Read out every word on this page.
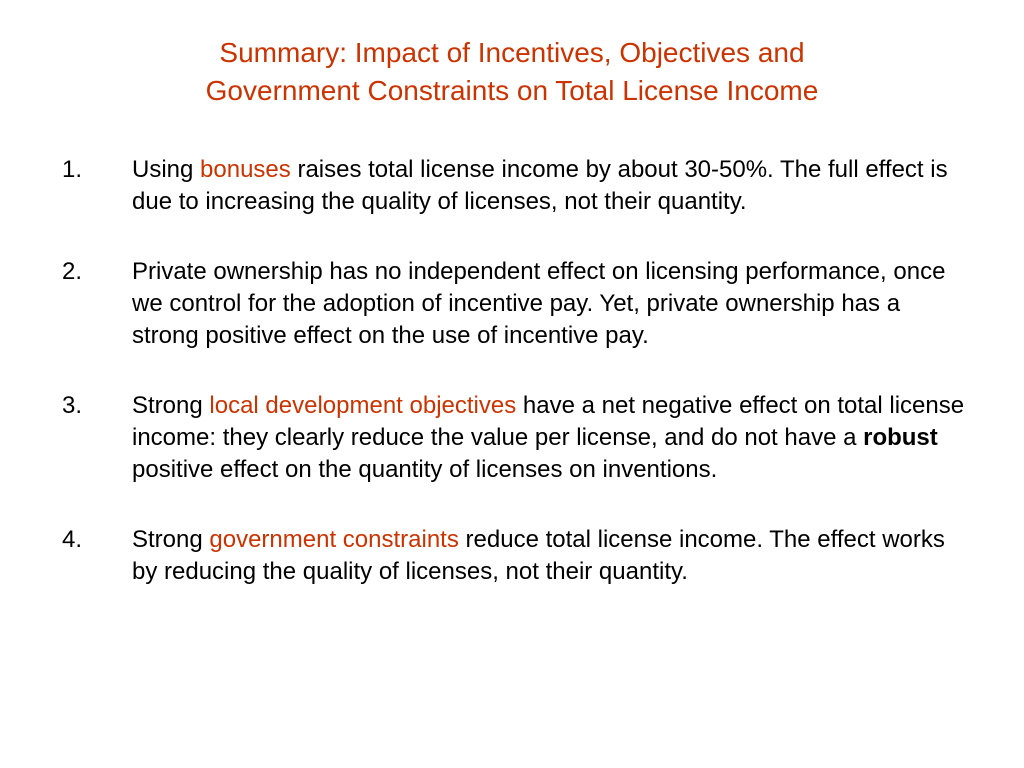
Summary: Impact of Incentives, Objectives and
Government Constraints on Total License Income
1. Using bonuses raises total license income by about 30-50%. The full effect is due to increasing the quality of licenses, not their quantity.
2. Private ownership has no independent effect on licensing performance, once we control for the adoption of incentive pay. Yet, private ownership has a strong positive effect on the use of incentive pay.
3. Strong local development objectives have a net negative effect on total license income: they clearly reduce the value per license, and do not have a robust positive effect on the quantity of licenses on inventions.
4. Strong government constraints reduce total license income. The effect works by reducing the quality of licenses, not their quantity.
